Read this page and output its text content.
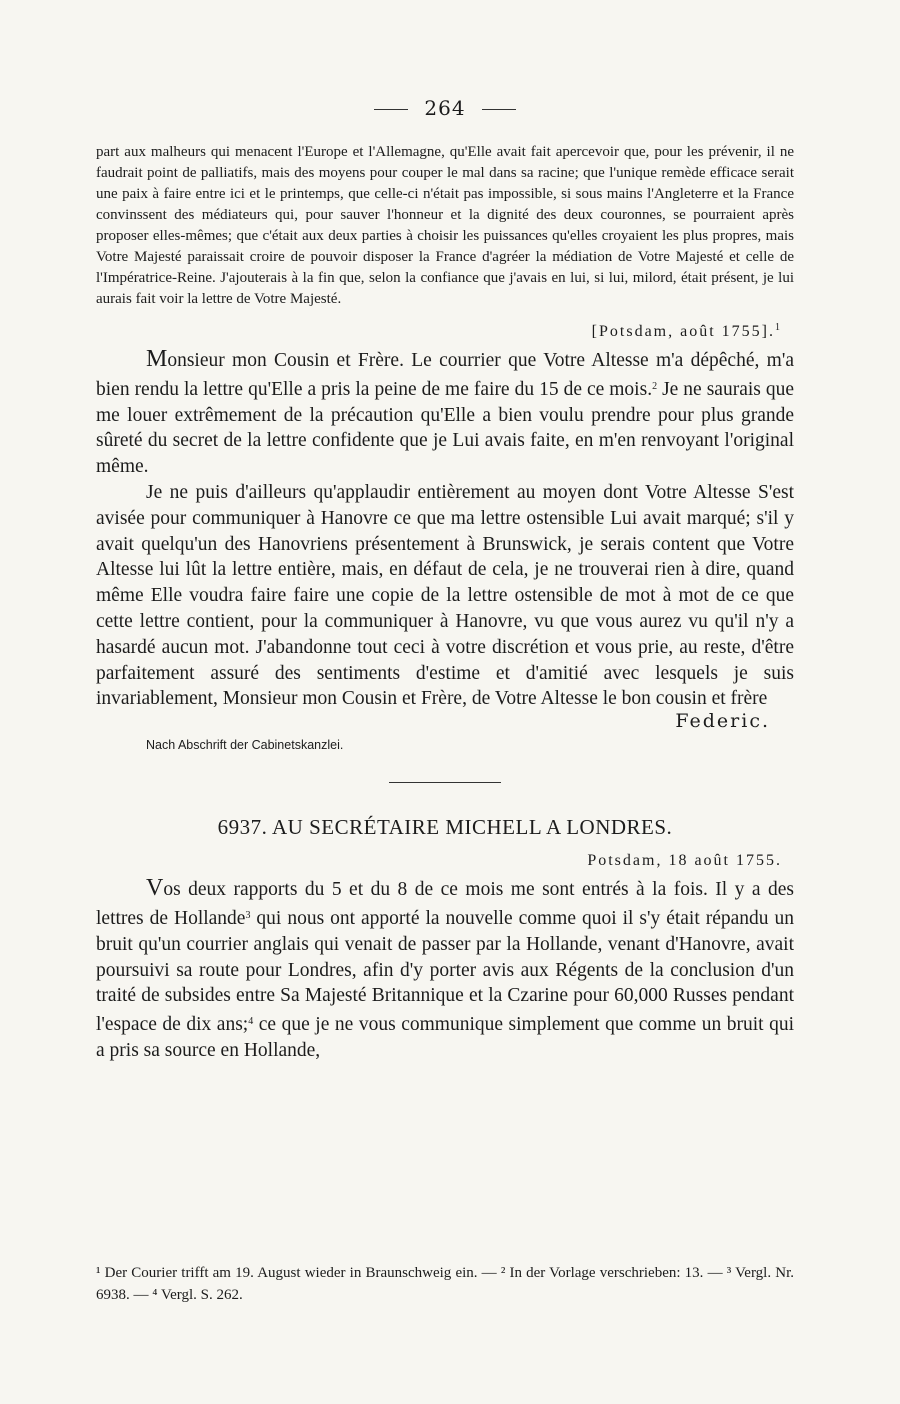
264
part aux malheurs qui menacent l'Europe et l'Allemagne, qu'Elle avait fait apercevoir que, pour les prévenir, il ne faudrait point de palliatifs, mais des moyens pour couper le mal dans sa racine; que l'unique remède efficace serait une paix à faire entre ici et le printemps, que celle-ci n'était pas impossible, si sous mains l'Angleterre et la France convinssent des médiateurs qui, pour sauver l'honneur et la dignité des deux couronnes, se pourraient après proposer elles-mêmes; que c'était aux deux parties à choisir les puissances qu'elles croyaient les plus propres, mais Votre Majesté paraissait croire de pouvoir disposer la France d'agréer la médiation de Votre Majesté et celle de l'Impératrice-Reine. J'ajouterais à la fin que, selon la confiance que j'avais en lui, si lui, milord, était présent, je lui aurais fait voir la lettre de Votre Majesté.
[Potsdam, août 1755].$^1$

Monsieur mon Cousin et Frère. Le courrier que Votre Altesse m'a dépêché, m'a bien rendu la lettre qu'Elle a pris la peine de me faire du 15 de ce mois.$^2$ Je ne saurais que me louer extrêmement de la précaution qu'Elle a bien voulu prendre pour plus grande sûreté du secret de la lettre confidente que je Lui avais faite, en m'en renvoyant l'original même.

Je ne puis d'ailleurs qu'applaudir entièrement au moyen dont Votre Altesse S'est avisée pour communiquer à Hanovre ce que ma lettre ostensible Lui avait marqué; s'il y avait quelqu'un des Hanovriens présentement à Brunswick, je serais content que Votre Altesse lui lût la lettre entière, mais, en défaut de cela, je ne trouverai rien à dire, quand même Elle voudra faire faire une copie de la lettre ostensible de mot à mot de ce que cette lettre contient, pour la communiquer à Hanovre, vu que vous aurez vu qu'il n'y a hasardé aucun mot. J'abandonne tout ceci à votre discrétion et vous prie, au reste, d'être parfaitement assuré des sentiments d'estime et d'amitié avec lesquels je suis invariablement, Monsieur mon Cousin et Frère, de Votre Altesse le bon cousin et frère

Federic.
Nach Abschrift der Cabinetskanzlei.
6937. AU SECRÉTAIRE MICHELL A LONDRES.
Potsdam, 18 août 1755.

Vos deux rapports du 5 et du 8 de ce mois me sont entrés à la fois. Il y a des lettres de Hollande$^3$ qui nous ont apporté la nouvelle comme quoi il s'y était répandu un bruit qu'un courrier anglais qui venait de passer par la Hollande, venant d'Hanovre, avait poursuivi sa route pour Londres, afin d'y porter avis aux Régents de la conclusion d'un traité de subsides entre Sa Majesté Britannique et la Czarine pour 60,000 Russes pendant l'espace de dix ans;$^4$ ce que je ne vous communique simplement que comme un bruit qui a pris sa source en Hollande,

¹ Der Courier trifft am 19. August wieder in Braunschweig ein. — ² In der Vorlage verschrieben: 13. — ³ Vergl. Nr. 6938. — ⁴ Vergl. S. 262.
